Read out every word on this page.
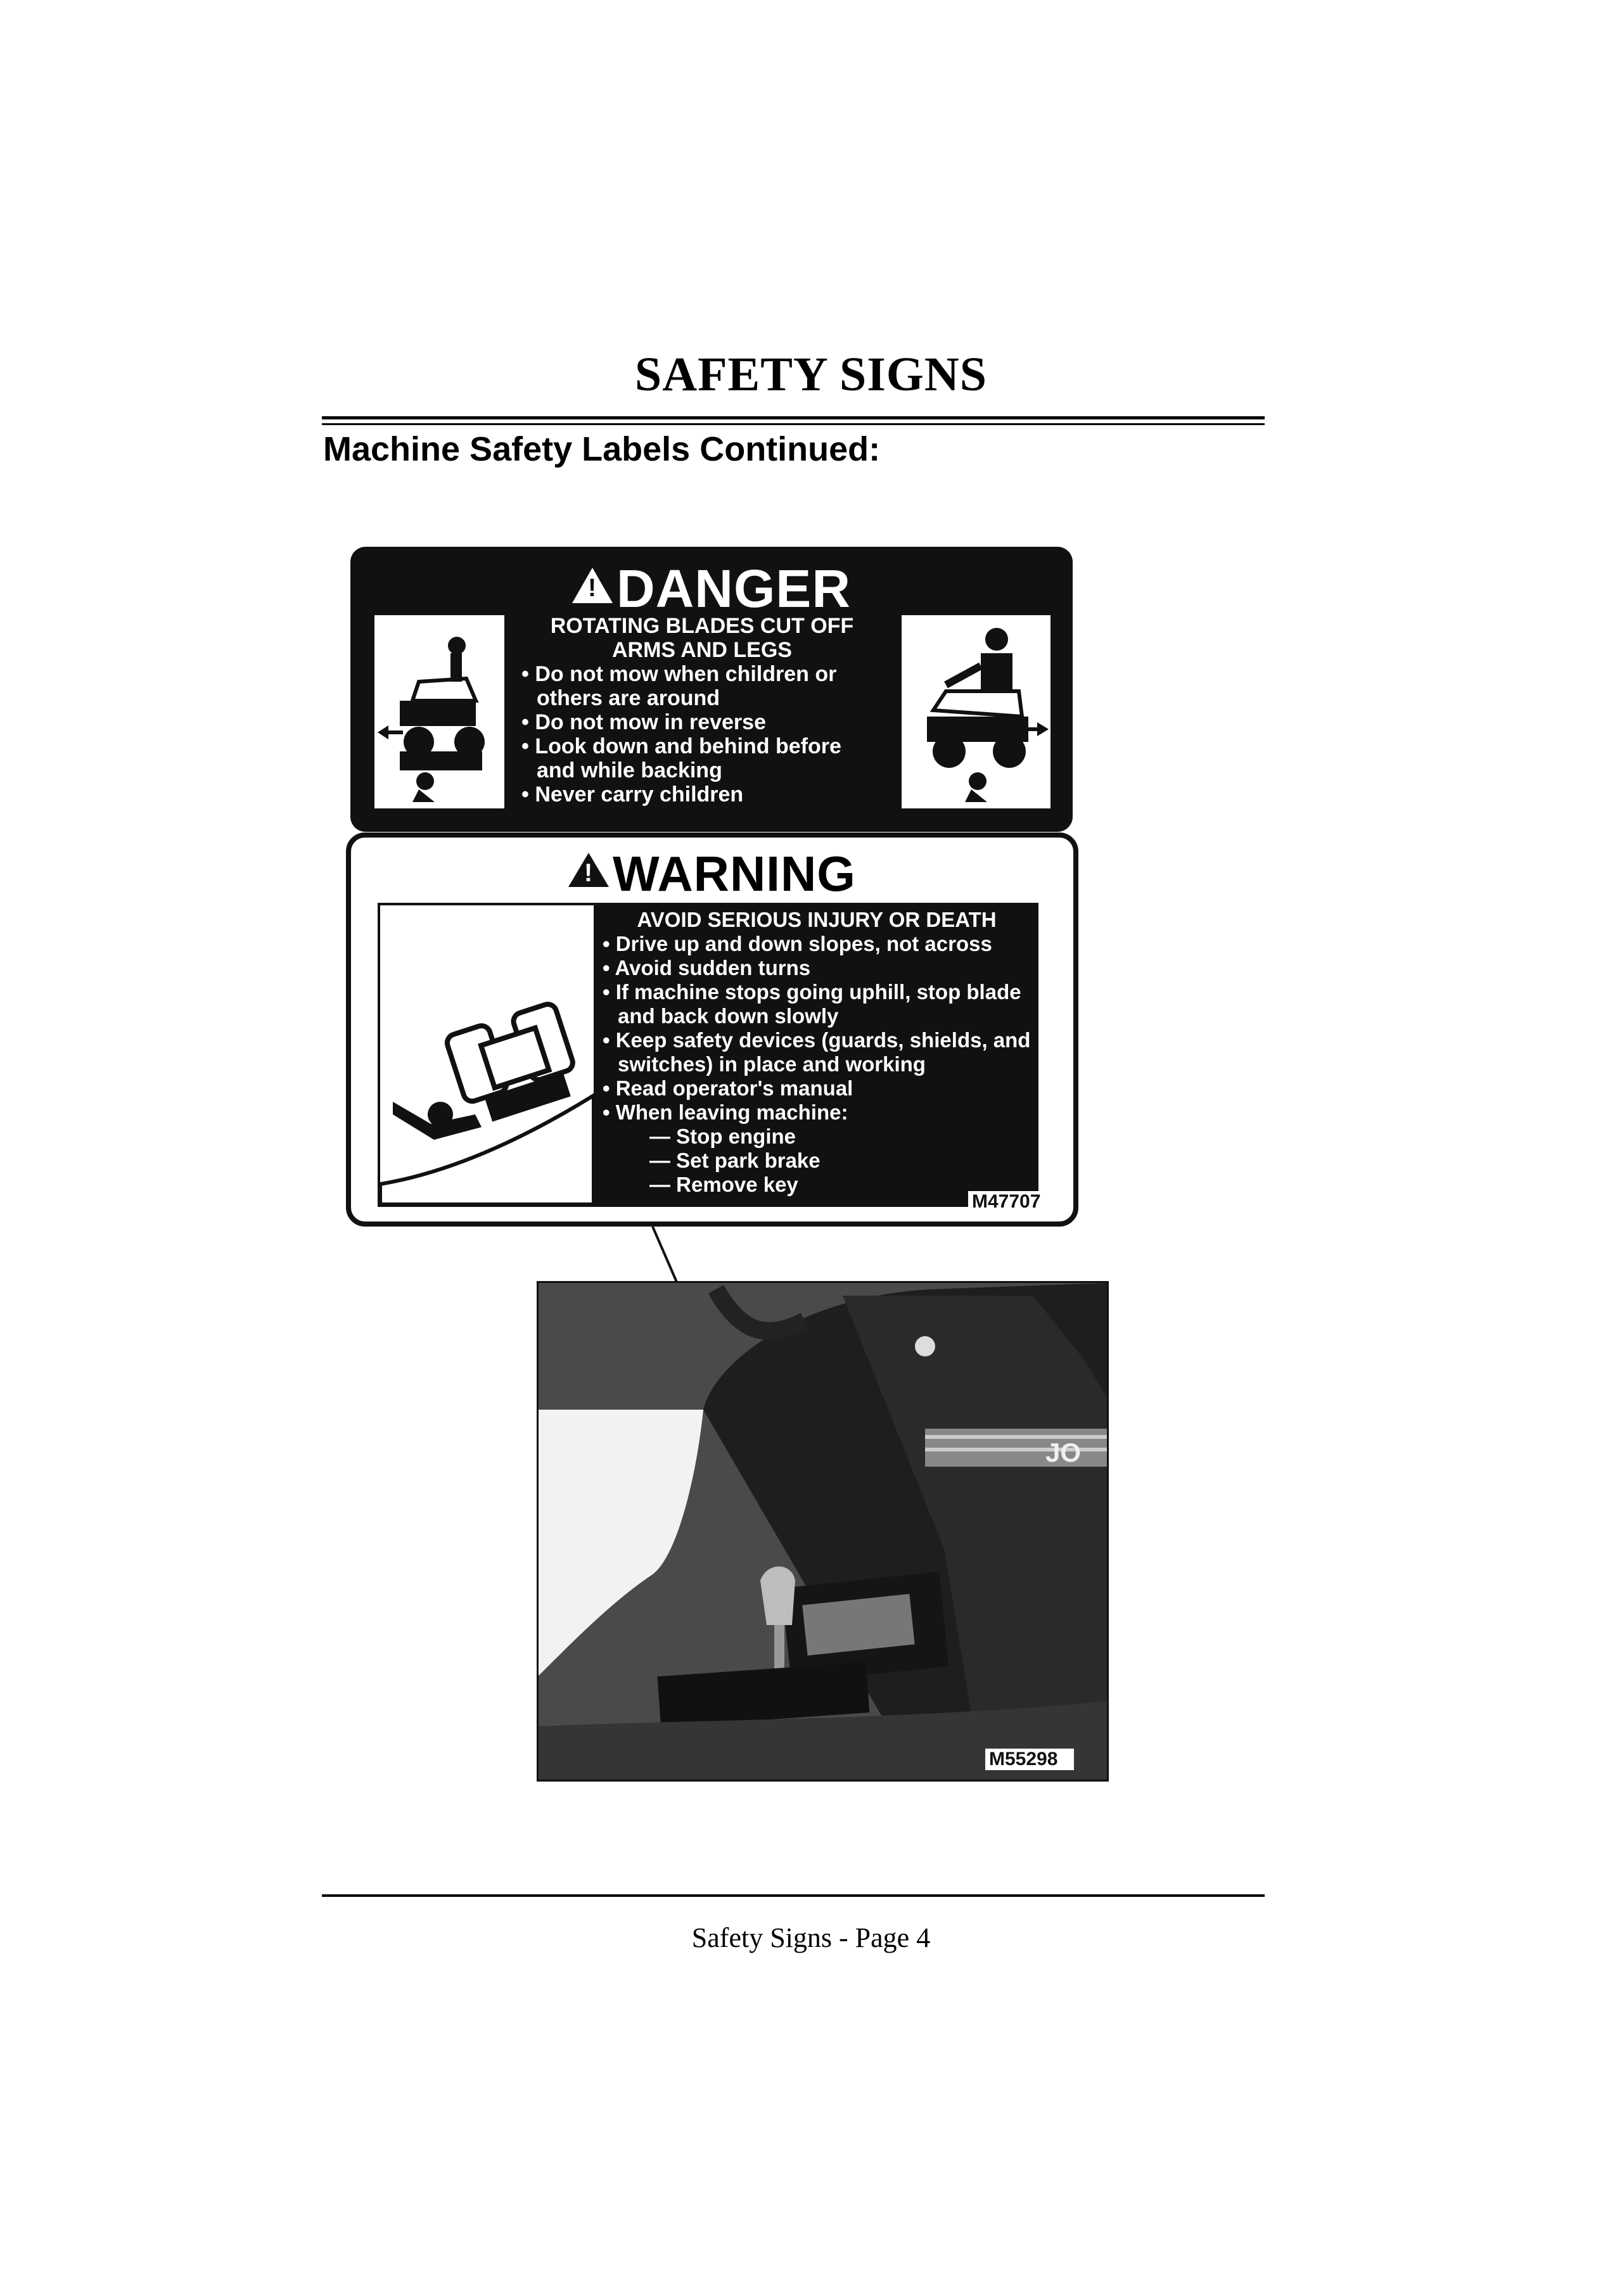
SAFETY SIGNS
Machine Safety Labels Continued:
! DANGER
ROTATING BLADES CUT OFF
ARMS AND LEGS
• Do not mow when children or others are around
• Do not mow in reverse
• Look down and behind before and while backing
• Never carry children
! WARNING
AVOID SERIOUS INJURY OR DEATH
• Drive up and down slopes, not across
• Avoid sudden turns
• If machine stops going uphill, stop blade and back down slowly
• Keep safety devices (guards, shields, and switches) in place and working
• Read operator's manual
• When leaving machine:
— Stop engine
— Set park brake
— Remove key
M47707
JO
M55298
Safety Signs - Page 4
